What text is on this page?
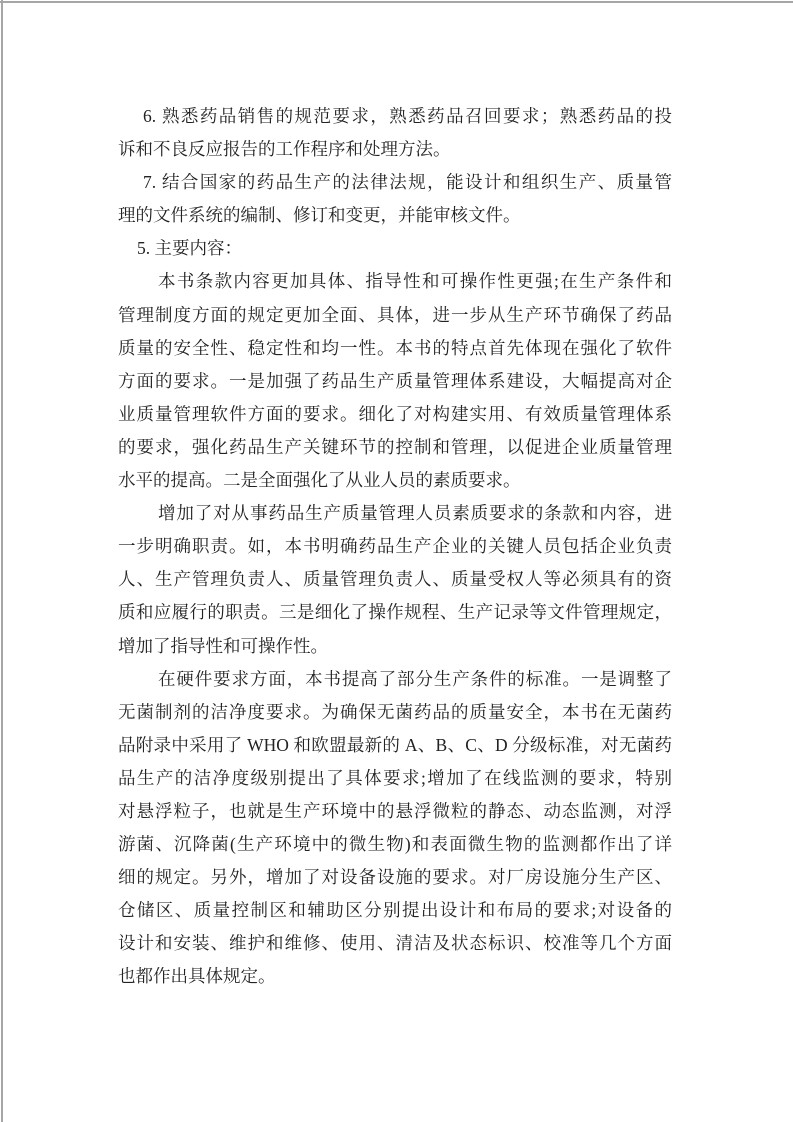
6. 熟悉药品销售的规范要求，熟悉药品召回要求；熟悉药品的投
诉和不良反应报告的工作程序和处理方法。
7. 结合国家的药品生产的法律法规，能设计和组织生产、质量管
理的文件系统的编制、修订和变更，并能审核文件。
5. 主要内容：
本书条款内容更加具体、指导性和可操作性更强;在生产条件和
管理制度方面的规定更加全面、具体，进一步从生产环节确保了药品
质量的安全性、稳定性和均一性。本书的特点首先体现在强化了软件
方面的要求。一是加强了药品生产质量管理体系建设，大幅提高对企
业质量管理软件方面的要求。细化了对构建实用、有效质量管理体系
的要求，强化药品生产关键环节的控制和管理，以促进企业质量管理
水平的提高。二是全面强化了从业人员的素质要求。
增加了对从事药品生产质量管理人员素质要求的条款和内容，进
一步明确职责。如，本书明确药品生产企业的关键人员包括企业负责
人、生产管理负责人、质量管理负责人、质量受权人等必须具有的资
质和应履行的职责。三是细化了操作规程、生产记录等文件管理规定，
增加了指导性和可操作性。
在硬件要求方面，本书提高了部分生产条件的标准。一是调整了
无菌制剂的洁净度要求。为确保无菌药品的质量安全，本书在无菌药
品附录中采用了 WHO 和欧盟最新的 A、B、C、D 分级标准，对无菌药
品生产的洁净度级别提出了具体要求;增加了在线监测的要求，特别
对悬浮粒子，也就是生产环境中的悬浮微粒的静态、动态监测，对浮
游菌、沉降菌(生产环境中的微生物)和表面微生物的监测都作出了详
细的规定。另外，增加了对设备设施的要求。对厂房设施分生产区、
仓储区、质量控制区和辅助区分别提出设计和布局的要求;对设备的
设计和安装、维护和维修、使用、清洁及状态标识、校准等几个方面
也都作出具体规定。
